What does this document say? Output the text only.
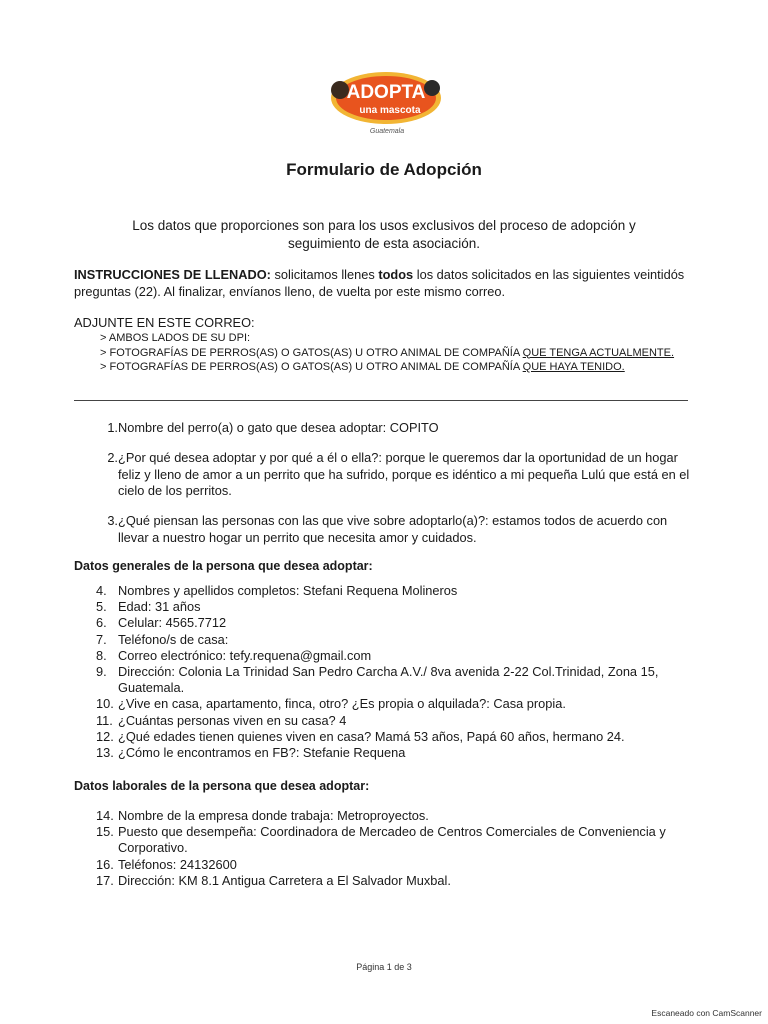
ADOPTA
una mascota
Guatemala
Formulario de Adopción
Los datos que proporciones son para los usos exclusivos del proceso de adopción y seguimiento de esta asociación.
INSTRUCCIONES DE LLENADO: solicitamos llenes todos los datos solicitados en las siguientes veintidós preguntas (22). Al finalizar, envíanos lleno, de vuelta por este mismo correo.
ADJUNTE EN ESTE CORREO:
> AMBOS LADOS DE SU DPI:
> FOTOGRAFÍAS DE PERROS(AS) O GATOS(AS) U OTRO ANIMAL DE COMPAÑÍA QUE TENGA ACTUALMENTE.
> FOTOGRAFÍAS DE PERROS(AS) O GATOS(AS) U OTRO ANIMAL DE COMPAÑÍA QUE HAYA TENIDO.
1. Nombre del perro(a) o gato que desea adoptar: COPITO
2. ¿Por qué desea adoptar y por qué a él o ella?: porque le queremos dar la oportunidad de un hogar feliz y lleno de amor a un perrito que ha sufrido, porque es idéntico a mi pequeña Lulú que está en el cielo de los perritos.
3. ¿Qué piensan las personas con las que vive sobre adoptarlo(a)?: estamos todos de acuerdo con llevar a nuestro hogar un perrito que necesita amor y cuidados.
Datos generales de la persona que desea adoptar:
4. Nombres y apellidos completos: Stefani Requena Molineros
5. Edad: 31 años
6. Celular: 4565.7712
7. Teléfono/s de casa:
8. Correo electrónico: tefy.requena@gmail.com
9. Dirección: Colonia La Trinidad San Pedro Carcha A.V./ 8va avenida 2-22 Col.Trinidad, Zona 15, Guatemala.
10. ¿Vive en casa, apartamento, finca, otro? ¿Es propia o alquilada?: Casa propia.
11. ¿Cuántas personas viven en su casa? 4
12. ¿Qué edades tienen quienes viven en casa? Mamá 53 años, Papá 60 años, hermano 24.
13. ¿Cómo le encontramos en FB?: Stefanie Requena
Datos laborales de la persona que desea adoptar:
14. Nombre de la empresa donde trabaja: Metroproyectos.
15. Puesto que desempeña: Coordinadora de Mercadeo de Centros Comerciales de Conveniencia y Corporativo.
16. Teléfonos: 24132600
17. Dirección: KM 8.1 Antigua Carretera a El Salvador Muxbal.
Página 1 de 3
Escaneado con CamScanner
